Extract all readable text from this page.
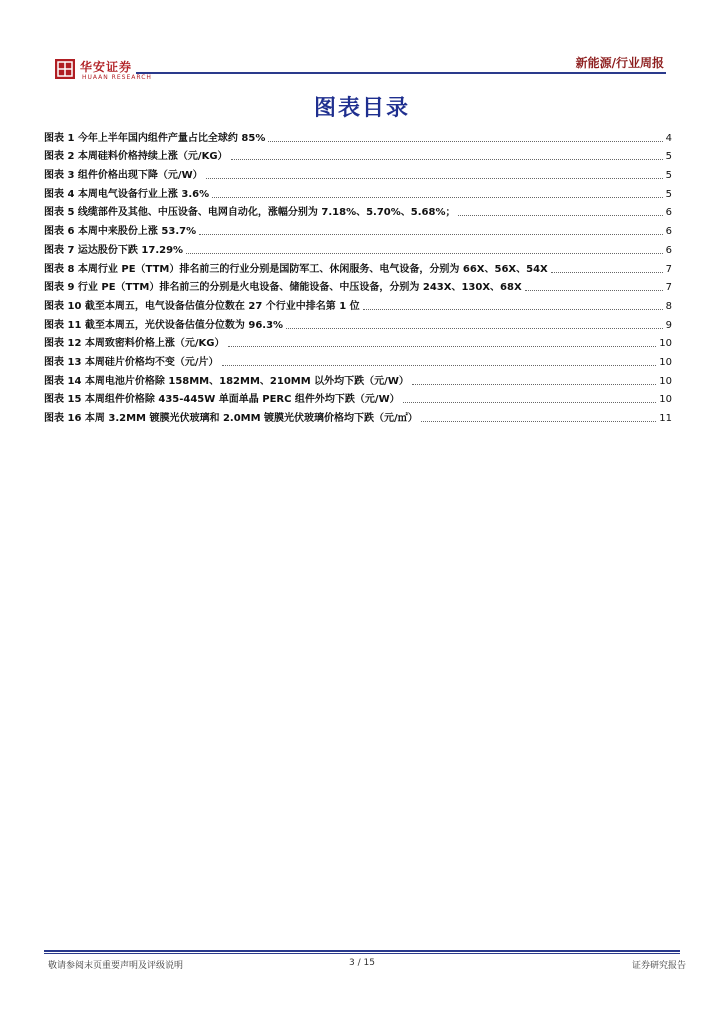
华安证券
HUAAN RESEARCH
新能源/行业周报
图表目录
图表 1 今年上半年国内组件产量占比全球约 85%	4
图表 2 本周硅料价格持续上涨（元/KG）	5
图表 3 组件价格出现下降（元/W）	5
图表 4 本周电气设备行业上涨 3.6%	5
图表 5 线缆部件及其他、中压设备、电网自动化，涨幅分别为 7.18%、5.70%、5.68%；	6
图表 6 本周中来股份上涨 53.7%	6
图表 7 运达股份下跌 17.29%	6
图表 8 本周行业 PE（TTM）排名前三的行业分别是国防军工、休闲服务、电气设备，分别为 66X、56X、54X	7
图表 9 行业 PE（TTM）排名前三的分别是火电设备、储能设备、中压设备，分别为 243X、130X、68X	7
图表 10 截至本周五，电气设备估值分位数在 27 个行业中排名第 1 位	8
图表 11 截至本周五，光伏设备估值分位数为 96.3%	9
图表 12 本周致密料价格上涨（元/KG）	10
图表 13 本周硅片价格均不变（元/片）	10
图表 14 本周电池片价格除 158MM、182MM、210MM 以外均下跌（元/W）	10
图表 15 本周组件价格除 435-445W 单面单晶 PERC 组件外均下跌（元/W）	10
图表 16 本周 3.2MM 镀膜光伏玻璃和 2.0MM 镀膜光伏玻璃价格均下跌（元/㎡）	11
敬请参阅末页重要声明及评级说明	3 / 15	证券研究报告
